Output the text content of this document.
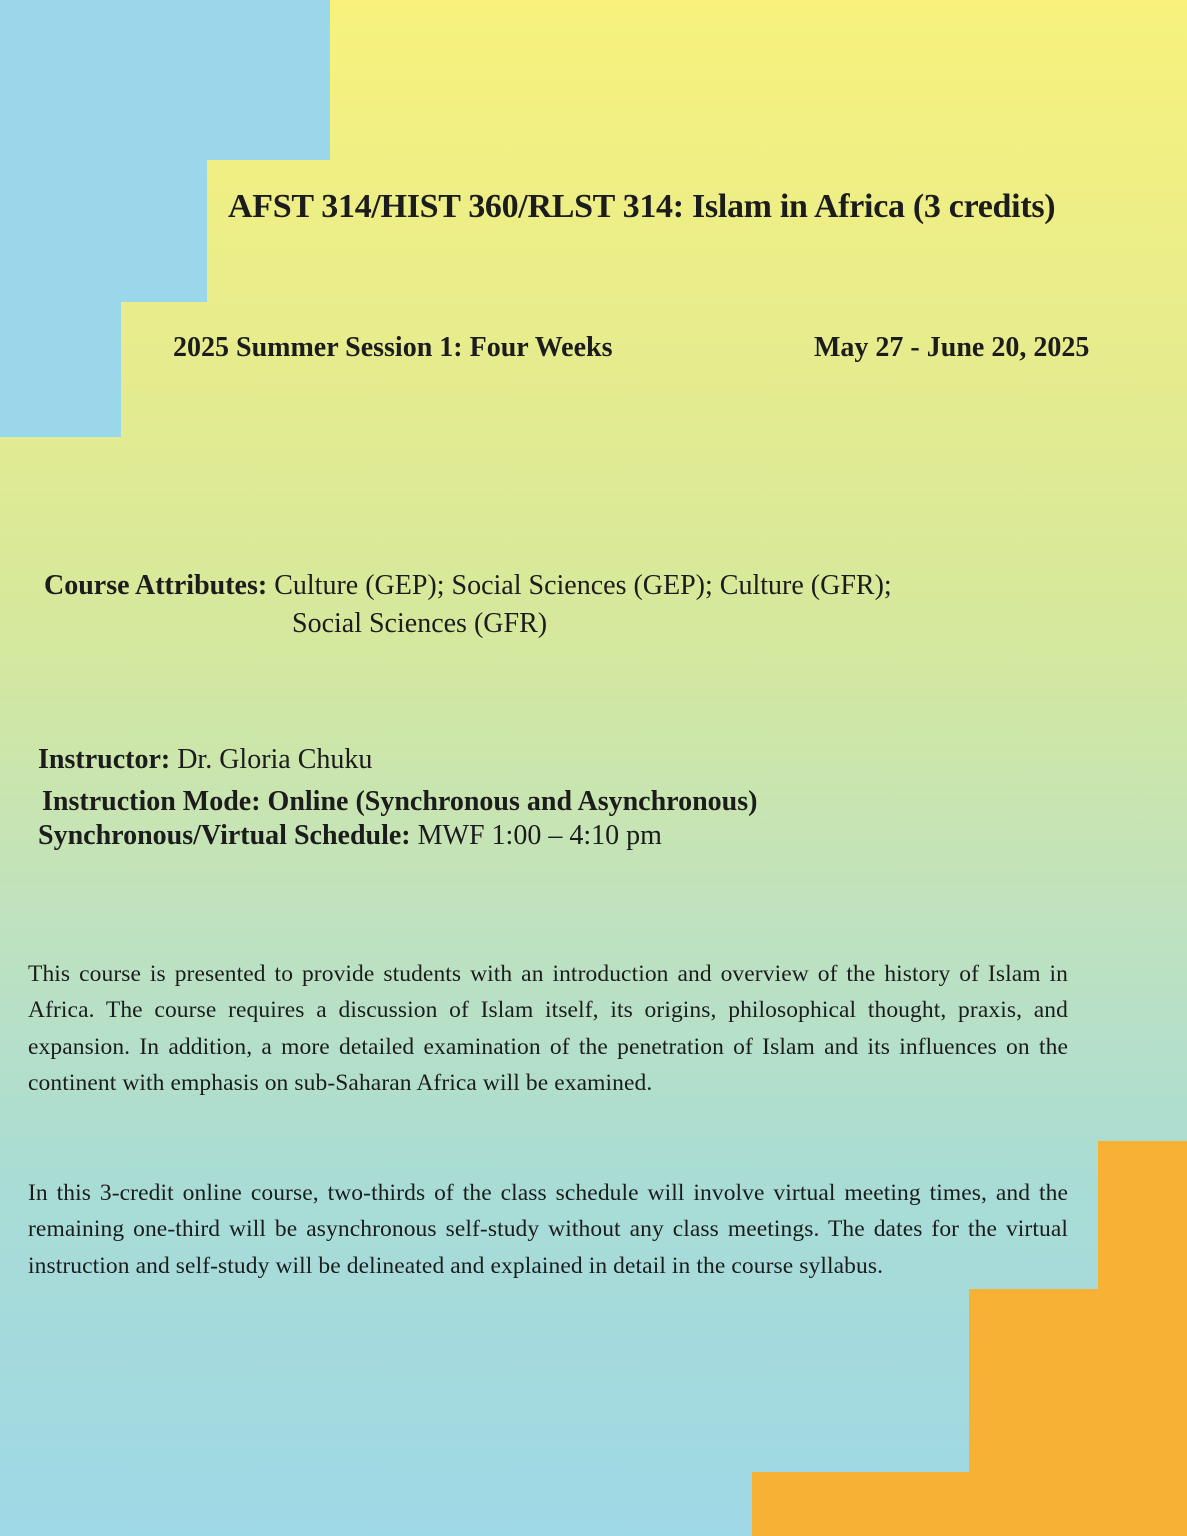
AFST 314/HIST 360/RLST 314: Islam in Africa (3 credits)
2025 Summer Session 1: Four Weeks	May 27 - June 20, 2025
Course Attributes: Culture (GEP); Social Sciences (GEP); Culture (GFR);
Social Sciences (GFR)
Instructor: Dr. Gloria Chuku
Instruction Mode: Online (Synchronous and Asynchronous)
Synchronous/Virtual Schedule: MWF 1:00 – 4:10 pm
This course is presented to provide students with an introduction and overview of the history of Islam in Africa. The course requires a discussion of Islam itself, its origins, philosophical thought, praxis, and expansion. In addition, a more detailed examination of the penetration of Islam and its influences on the continent with emphasis on sub-Saharan Africa will be examined.
In this 3-credit online course, two-thirds of the class schedule will involve virtual meeting times, and the remaining one-third will be asynchronous self-study without any class meetings. The dates for the virtual instruction and self-study will be delineated and explained in detail in the course syllabus.
